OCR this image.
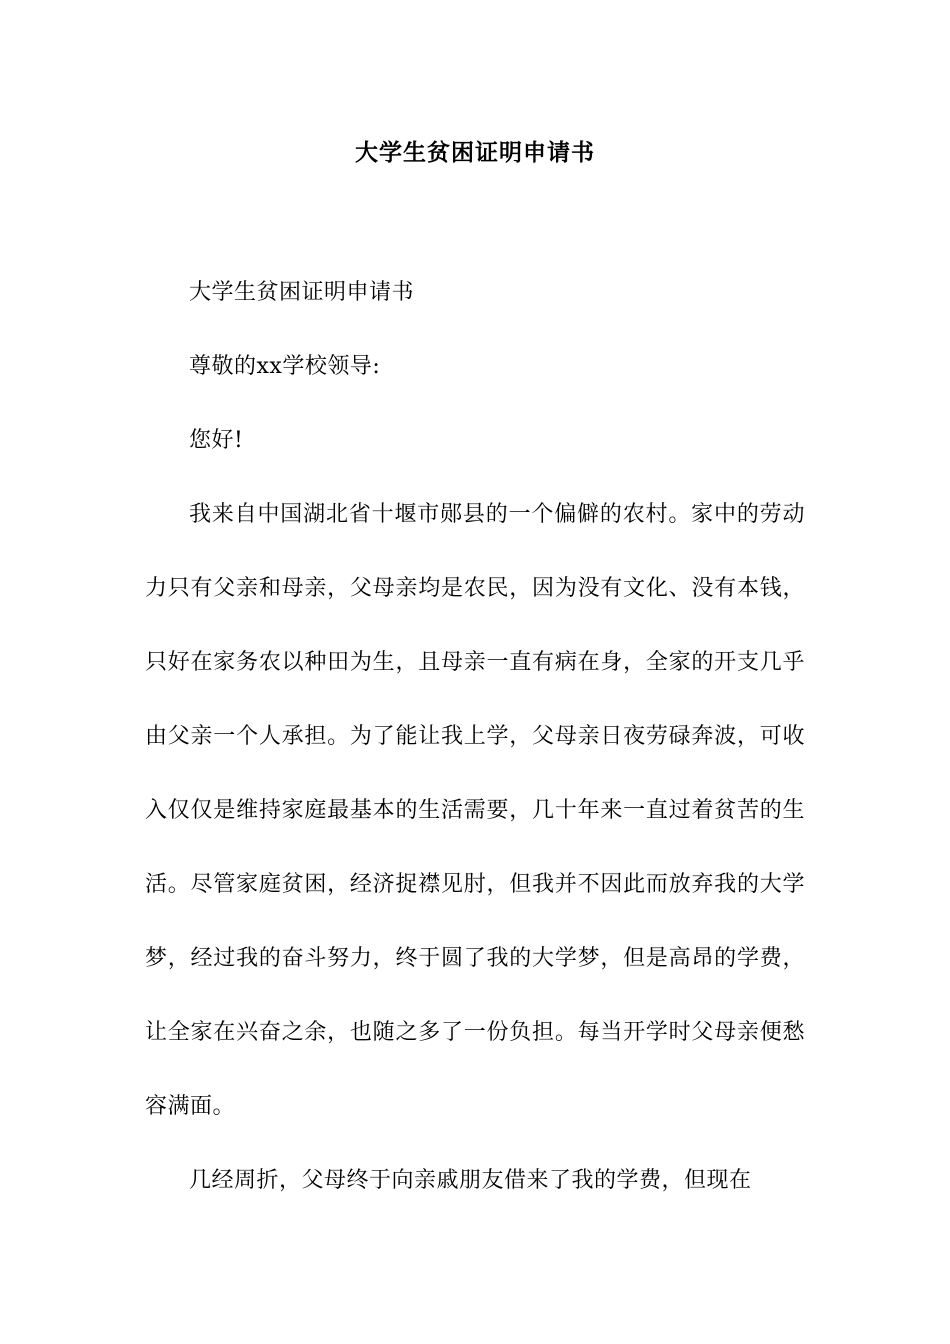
大学生贫困证明申请书

大学生贫困证明申请书

尊敬的xx学校领导:

您好!

我来自中国湖北省十堰市郧县的一个偏僻的农村。家中的劳动力只有父亲和母亲，父母亲均是农民，因为没有文化、没有本钱，只好在家务农以种田为生，且母亲一直有病在身，全家的开支几乎由父亲一个人承担。为了能让我上学，父母亲日夜劳碌奔波，可收入仅仅是维持家庭最基本的生活需要，几十年来一直过着贫苦的生活。尽管家庭贫困，经济捉襟见肘，但我并不因此而放弃我的大学梦，经过我的奋斗努力，终于圆了我的大学梦，但是高昂的学费，让全家在兴奋之余，也随之多了一份负担。每当开学时父母亲便愁容满面。

几经周折，父母终于向亲戚朋友借来了我的学费，但现在
